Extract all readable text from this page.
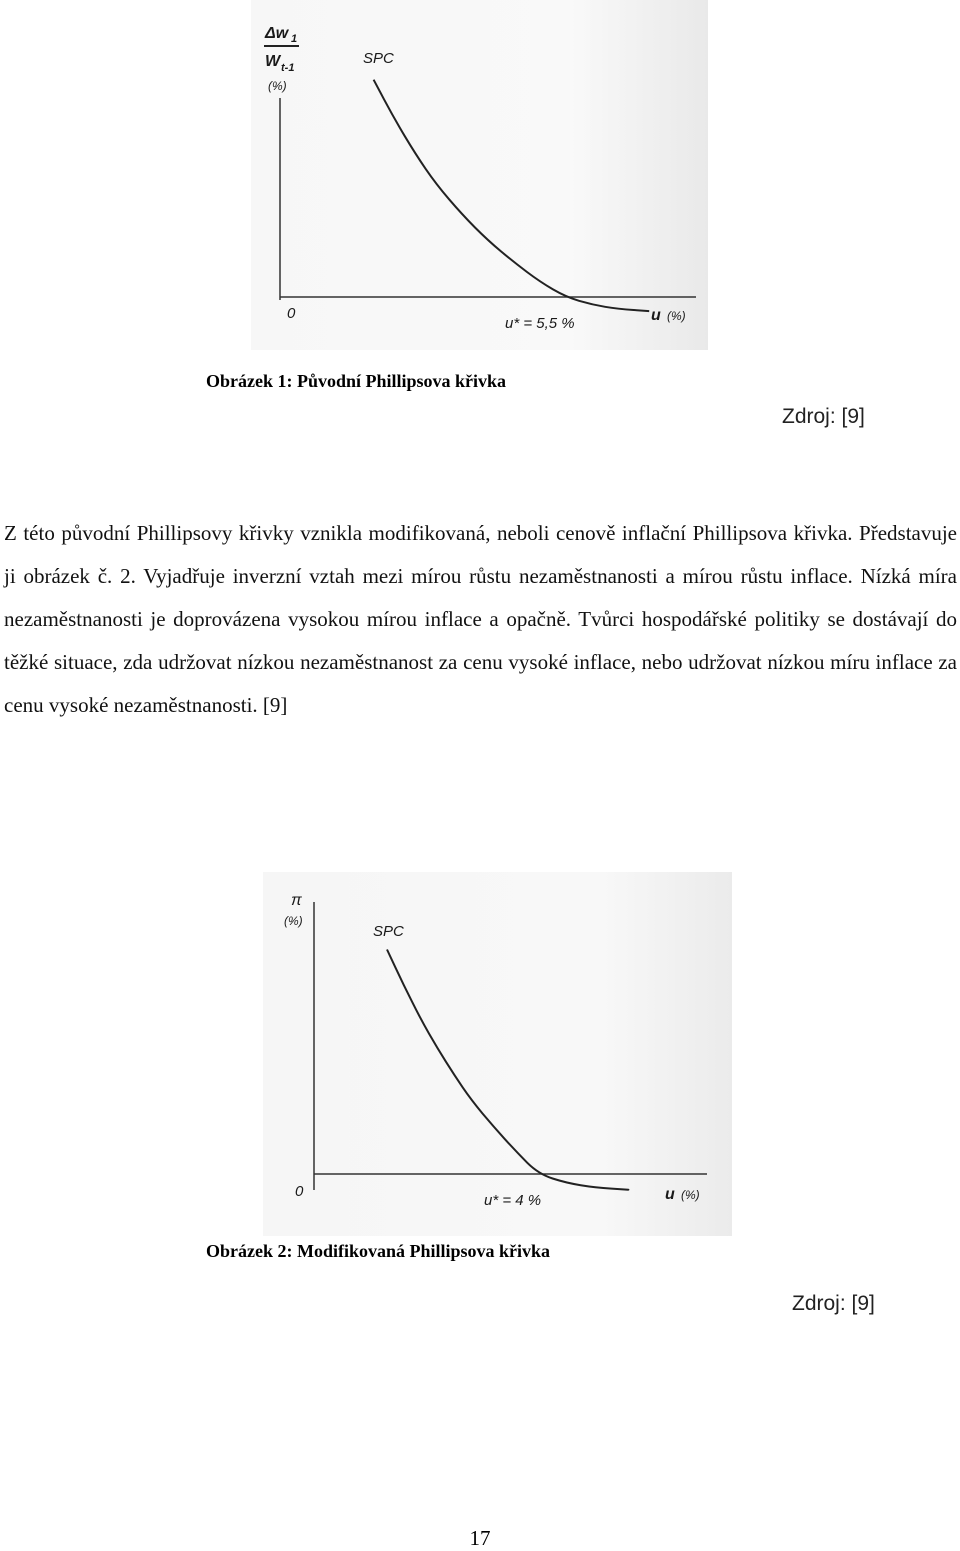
Δw 1
W t-1
(%)
0
u* = 5,5 %	u (%)
SPC
Obrázek 1: Původní Phillipsova křivka
Zdroj: [9]

Z této původní Phillipsovy křivky vznikla modifikovaná, neboli cenově inflační Phillipsova křivka. Představuje ji obrázek č. 2. Vyjadřuje inverzní vztah mezi mírou růstu nezaměstnanosti a mírou růstu inflace. Nízká míra nezaměstnanosti je doprovázena vysokou mírou inflace a opačně. Tvůrci hospodářské politiky se dostávají do těžké situace, zda udržovat nízkou nezaměstnanost za cenu vysoké inflace, nebo udržovat nízkou míru inflace za cenu vysoké nezaměstnanosti. [9]

π
(%)
0
u* = 4 %	u (%)
SPC
Obrázek 2: Modifikovaná Phillipsova křivka
Zdroj: [9]
17
